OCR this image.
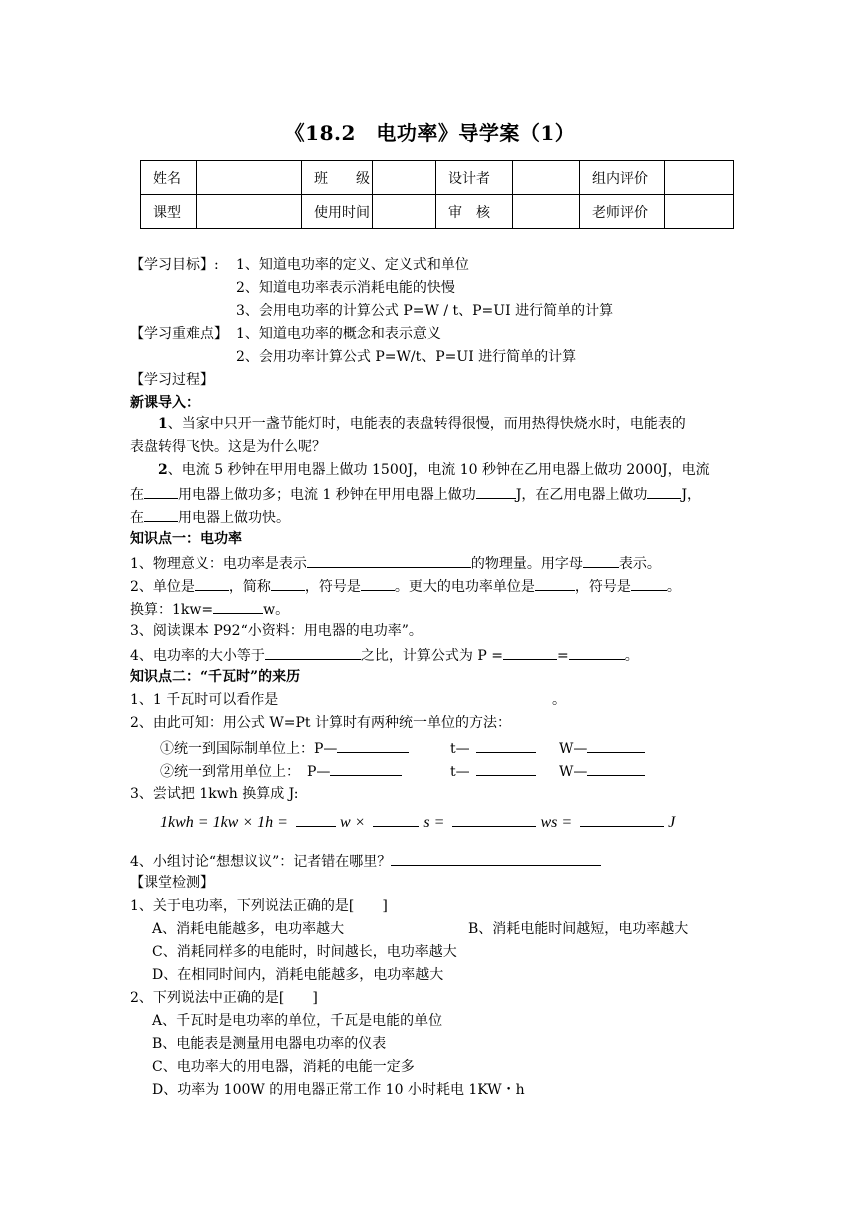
《18.2　电功率》导学案（1）
姓名		班　　级		设计者		组内评价	
课型		使用时间		审　核		老师评价	
【学习目标】: 1、知道电功率的定义、定义式和单位
2、知道电功率表示消耗电能的快慢
3、会用电功率的计算公式 P=W / t、P=UI 进行简单的计算
【学习重难点】 1、知道电功率的概念和表示意义
2、会用功率计算公式 P=W/t、P=UI 进行简单的计算
【学习过程】
新课导入：
1、当家中只开一盏节能灯时，电能表的表盘转得很慢，而用热得快烧水时，电能表的
表盘转得飞快。这是为什么呢？
2、电流 5 秒钟在甲用电器上做功 1500J，电流 10 秒钟在乙用电器上做功 2000J，电流
在 用电器上做功多；电流 1 秒钟在甲用电器上做功	J，在乙用电器上做功 J，
在 用电器上做功快。
知识点一：电功率
1、物理意义：电功率是表示	的物理量。用字母	表示。
2、单位是 ，简称 ，符号是 。更大的电功率单位是	，符号是	。
换算：1kw=	w。
3、阅读课本 P92“小资料：用电器的电功率”。
4、电功率的大小等于	之比，计算公式为 P =	=	。
知识点二：“千瓦时”的来历
1、1 千瓦时可以看作是	。
2、由此可知：用公式 W=Pt 计算时有两种统一单位的方法：
①统一到国际制单位上：P—	t—	W—
②统一到常用单位上：　P—	t—	W—
3、尝试把 1kwh 换算成 J:
1kwh = 1kw × 1h =	w ×	s =	ws =	J
4、小组讨论“想想议议”：记者错在哪里？
【课堂检测】
1、关于电功率，下列说法正确的是[　　]
A、消耗电能越多，电功率越大	B、消耗电能时间越短，电功率越大
C、消耗同样多的电能时，时间越长，电功率越大
D、在相同时间内，消耗电能越多，电功率越大
2、下列说法中正确的是[　　]
A、千瓦时是电功率的单位，千瓦是电能的单位
B、电能表是测量用电器电功率的仪表
C、电功率大的用电器，消耗的电能一定多
D、功率为 100W 的用电器正常工作 10 小时耗电 1KW・h
